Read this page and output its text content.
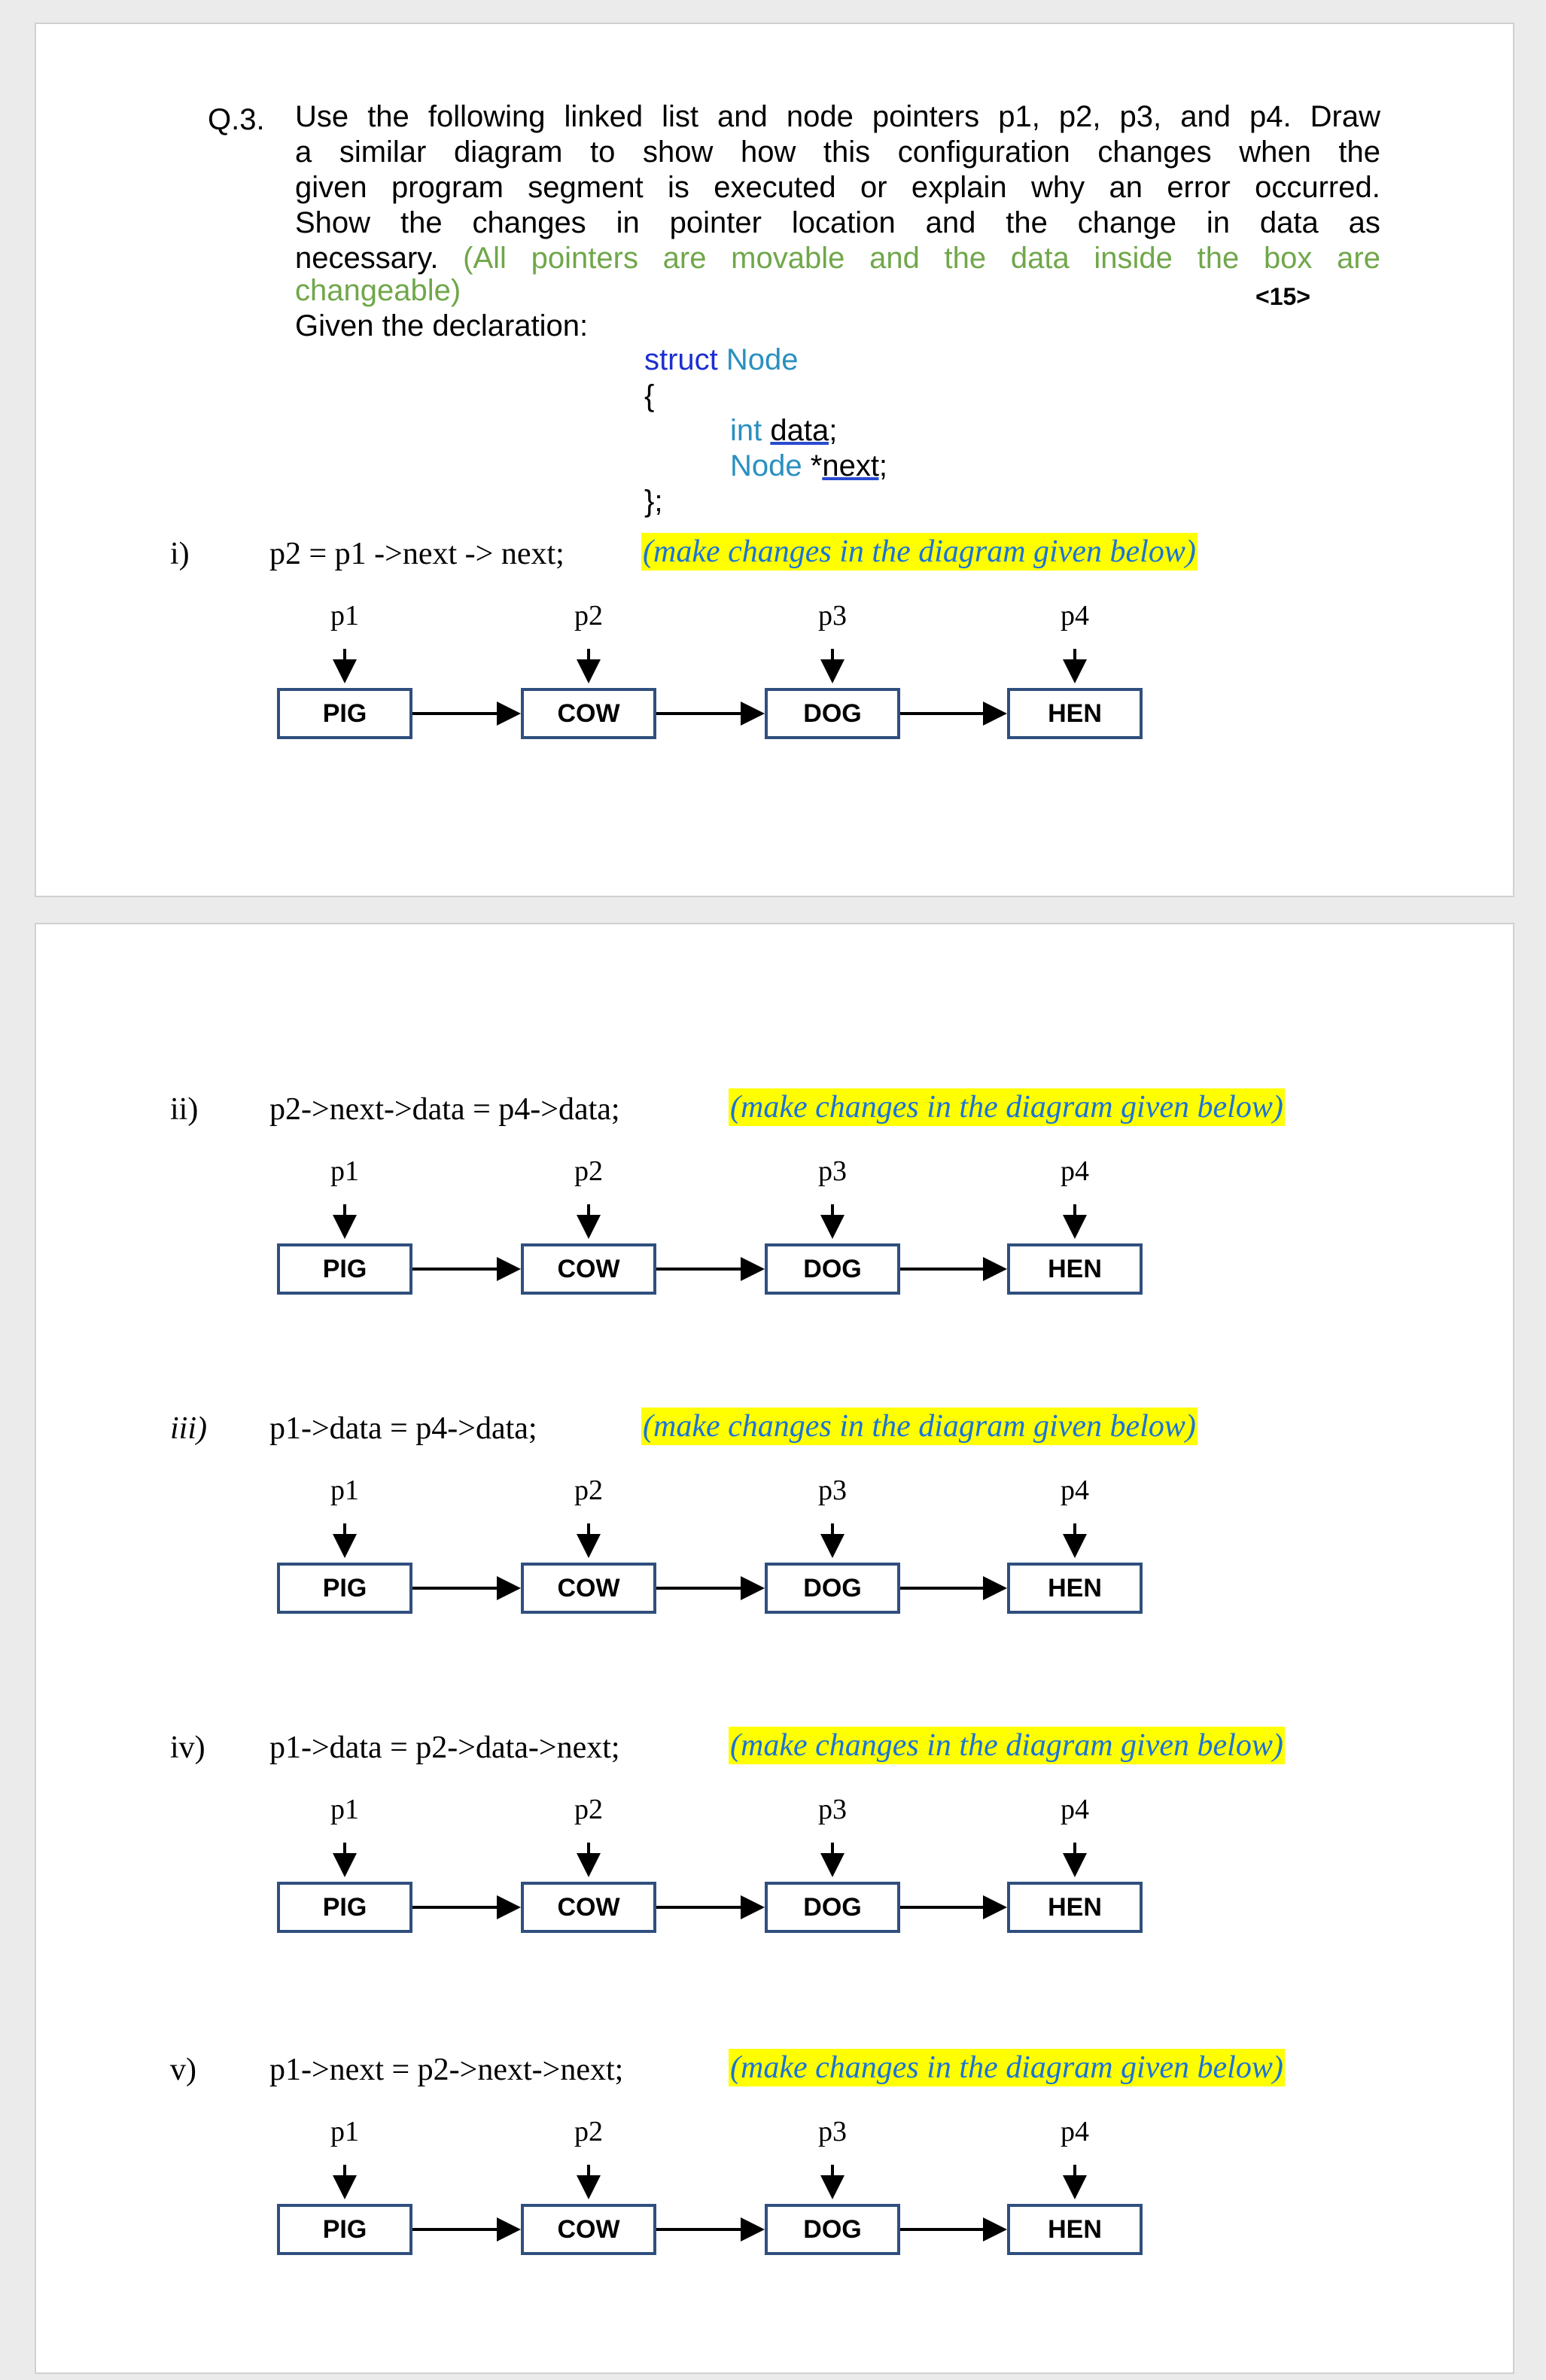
Q.3. Use the following linked list and node pointers p1, p2, p3, and p4. Draw
a similar diagram to show how this configuration changes when the
given program segment is executed or explain why an error occurred.
Show the changes in pointer location and the change in data as
necessary. (All pointers are movable and the data inside the box are
changeable)	<15>
Given the declaration:
struct Node
{
int data;
Node *next;
};
i)	p2 = p1 ->next -> next; (make changes in the diagram given below)
p1
PIG
p2
COW
p3
DOG
p4
HEN
ii) p2->next->data = p4->data;	(make changes in the diagram given below)
p1
PIG
p2
COW
p3
DOG
p4
HEN
iii) p1->data = p4->data;	(make changes in the diagram given below)
p1
PIG
p2
COW
p3
DOG
p4
HEN
iv) p1->data = p2->data->next;	(make changes in the diagram given below)
p1
PIG
p2
COW
p3
DOG
p4
HEN
v) p1->next = p2->next->next;	(make changes in the diagram given below)
p1
PIG
p2
COW
p3
DOG
p4
HEN
